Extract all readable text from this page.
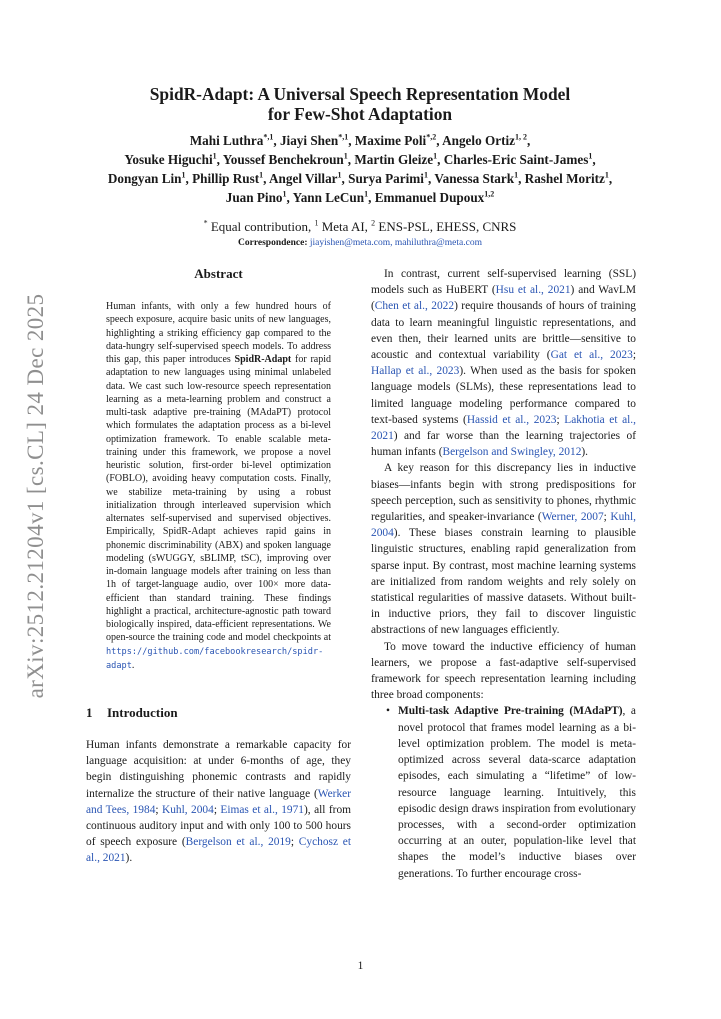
arXiv:2512.21204v1 [cs.CL] 24 Dec 2025
SpidR-Adapt: A Universal Speech Representation Model
for Few-Shot Adaptation
Mahi Luthra$^{*,1}$, Jiayi Shen$^{*,1}$, Maxime Poli$^{*,2}$, Angelo Ortiz$^{1, 2}$,
Yosuke Higuchi$^1$, Youssef Benchekroun$^1$, Martin Gleize$^1$, Charles-Eric Saint-James$^1$,
Dongyan Lin$^1$, Phillip Rust$^1$, Angel Villar$^1$, Surya Parimi$^1$, Vanessa Stark$^1$, Rashel Moritz$^1$,
Juan Pino$^1$, Yann LeCun$^1$, Emmanuel Dupoux$^{1,2}$
* Equal contribution, $^1$ Meta AI, $^2$ ENS-PSL, EHESS, CNRS
Correspondence: jiayishen@meta.com, mahiluthra@meta.com
Abstract
Human infants, with only a few hundred hours of speech exposure, acquire basic units of new languages, highlighting a striking efficiency gap compared to the data-hungry self-supervised speech models. To address this gap, this paper introduces SpidR-Adapt for rapid adaptation to new languages using minimal unlabeled data. We cast such low-resource speech representation learning as a meta-learning problem and construct a multi-task adaptive pre-training (MAdaPT) protocol which formulates the adaptation process as a bi-level optimization framework. To enable scalable meta-training under this framework, we propose a novel heuristic solution, first-order bi-level optimization (FOBLO), avoiding heavy computation costs. Finally, we stabilize meta-training by using a robust initialization through interleaved supervision which alternates self-supervised and supervised objectives. Empirically, SpidR-Adapt achieves rapid gains in phonemic discriminability (ABX) and spoken language modeling (sWUGGY, sBLIMP, tSC), improving over in-domain language models after training on less than 1h of target-language audio, over 100× more data-efficient than standard training. These findings highlight a practical, architecture-agnostic path toward biologically inspired, data-efficient representations. We open-source the training code and model checkpoints at https://github.com/facebookresearch/spidr-adapt.
1 Introduction

Human infants demonstrate a remarkable capacity for language acquisition: at under 6-months of age, they begin distinguishing phonemic contrasts and rapidly internalize the structure of their native language (Werker and Tees, 1984; Kuhl, 2004; Eimas et al., 1971), all from continuous auditory input and with only 100 to 500 hours of speech exposure (Bergelson et al., 2019; Cychosz et al., 2021).

In contrast, current self-supervised learning (SSL) models such as HuBERT (Hsu et al., 2021) and WavLM (Chen et al., 2022) require thousands of hours of training data to learn meaningful linguistic representations, and even then, their learned units are brittle—sensitive to acoustic and contextual variability (Gat et al., 2023; Hallap et al., 2023). When used as the basis for spoken language models (SLMs), these representations lead to limited language modeling performance compared to text-based systems (Hassid et al., 2023; Lakhotia et al., 2021) and far worse than the learning trajectories of human infants (Bergelson and Swingley, 2012).

A key reason for this discrepancy lies in inductive biases—infants begin with strong predispositions for speech perception, such as sensitivity to phones, rhythmic regularities, and speaker-invariance (Werner, 2007; Kuhl, 2004). These biases constrain learning to plausible linguistic structures, enabling rapid generalization from sparse input. By contrast, most machine learning systems are initialized from random weights and rely solely on statistical regularities of massive datasets. Without built-in inductive priors, they fail to discover linguistic abstractions of new languages efficiently.

To move toward the inductive efficiency of human learners, we propose a fast-adaptive self-supervised framework for speech representation learning including three broad components:

• Multi-task Adaptive Pre-training (MAdaPT), a novel protocol that frames model learning as a bi-level optimization problem. The model is meta-optimized across several data-scarce adaptation episodes, each simulating a “lifetime” of low-resource language learning. Intuitively, this episodic design draws inspiration from evolutionary processes, with a second-order optimization occurring at an outer, population-like level that shapes the model’s inductive biases over generations. To further encourage cross-
1
